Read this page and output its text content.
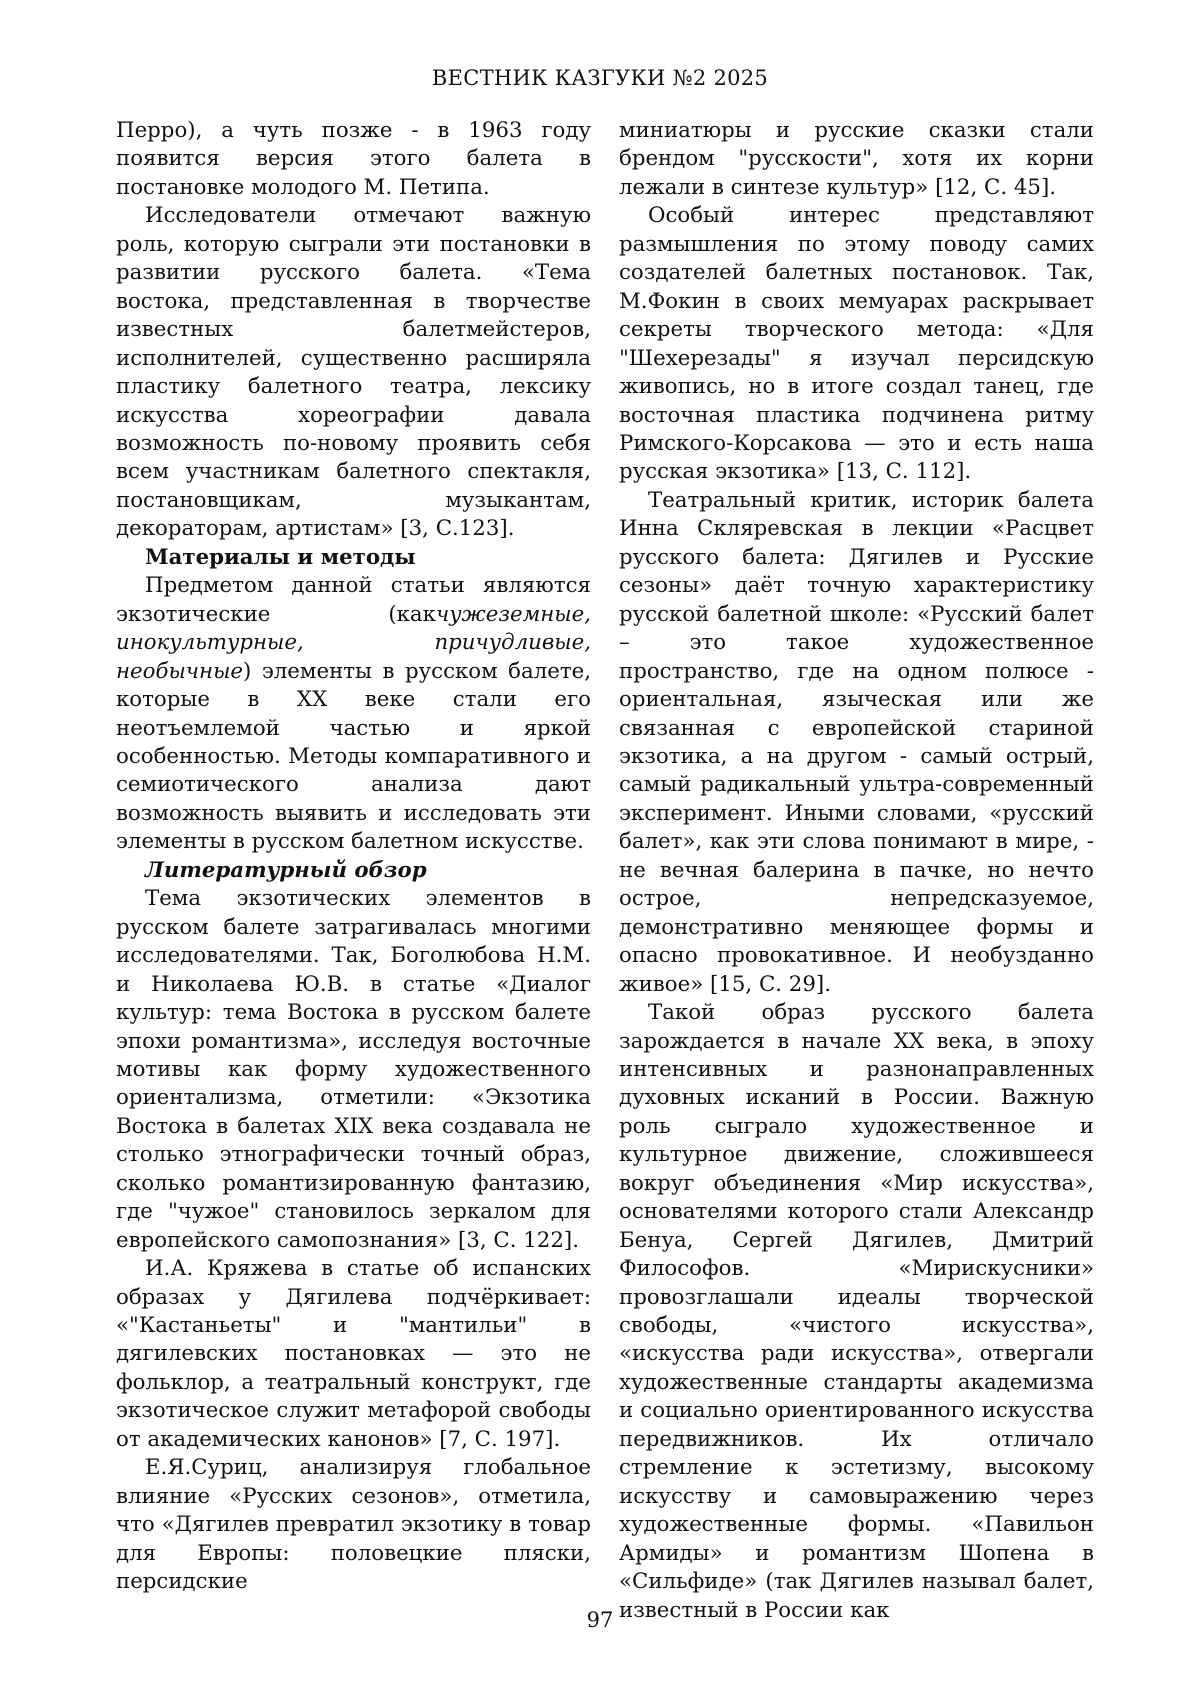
ВЕСТНИК КАЗГУКИ №2 2025

Перро), а чуть позже - в 1963 году появится версия этого балета в постановке молодого М. Петипа.

Исследователи отмечают важную роль, которую сыграли эти постановки в развитии русского балета. «Тема востока, представленная в творчестве известных балетмейстеров, исполнителей, существенно расширяла пластику балетного театра, лексику искусства хореографии давала возможность по-новому проявить себя всем участникам балетного спектакля, постановщикам, музыкантам, декораторам, артистам» [3, С.123].

Материалы и методы

Предметом данной статьи являются экзотические (какчужеземные, инокультурные, причудливые, необычные) элементы в русском балете, которые в XX веке стали его неотъемлемой частью и яркой особенностью. Методы компаративного и семиотического анализа дают возможность выявить и исследовать эти элементы в русском балетном искусстве.

Литературный обзор

Тема экзотических элементов в русском балете затрагивалась многими исследователями. Так, Боголюбова Н.М. и Николаева Ю.В. в статье «Диалог культур: тема Востока в русском балете эпохи романтизма», исследуя восточные мотивы как форму художественного ориентализма, отметили: «Экзотика Востока в балетах XIX века создавала не столько этнографически точный образ, сколько романтизированную фантазию, где "чужое" становилось зеркалом для европейского самопознания» [3, С. 122].

И.А. Кряжева в статье об испанских образах у Дягилева подчёркивает: «"Кастаньеты" и "мантильи" в дягилевских постановках — это не фольклор, а театральный конструкт, где экзотическое служит метафорой свободы от академических канонов» [7, С. 197].

Е.Я.Суриц, анализируя глобальное влияние «Русских сезонов», отметила, что «Дягилев превратил экзотику в товар для Европы: половецкие пляски, персидские

миниатюры и русские сказки стали брендом "русскости", хотя их корни лежали в синтезе культур» [12, С. 45].

Особый интерес представляют размышления по этому поводу самих создателей балетных постановок. Так, М.Фокин в своих мемуарах раскрывает секреты творческого метода: «Для "Шехерезады" я изучал персидскую живопись, но в итоге создал танец, где восточная пластика подчинена ритму Римского-Корсакова — это и есть наша русская экзотика» [13, С. 112].

Театральный критик, историк балета Инна Скляревская в лекции «Расцвет русского балета: Дягилев и Русские сезоны» даёт точную характеристику русской балетной школе: «Русский балет – это такое художественное пространство, где на одном полюсе - ориентальная, языческая или же связанная с европейской стариной экзотика, а на другом - самый острый, самый радикальный ультра-современный эксперимент. Иными словами, «русский балет», как эти слова понимают в мире, - не вечная балерина в пачке, но нечто острое, непредсказуемое, демонстративно меняющее формы и опасно провокативное. И необузданно живое» [15, С. 29].

Такой образ русского балета зарождается в начале XX века, в эпоху интенсивных и разнонаправленных духовных исканий в России. Важную роль сыграло художественное и культурное движение, сложившееся вокруг объединения «Мир искусства», основателями которого стали Александр Бенуа, Сергей Дягилев, Дмитрий Философов. «Мирискусники» провозглашали идеалы творческой свободы, «чистого искусства», «искусства ради искусства», отвергали художественные стандарты академизма и социально ориентированного искусства передвижников. Их отличало стремление к эстетизму, высокому искусству и самовыражению через художественные формы. «Павильон Армиды» и романтизм Шопена в «Сильфиде» (так Дягилев называл балет, известный в России как

97
